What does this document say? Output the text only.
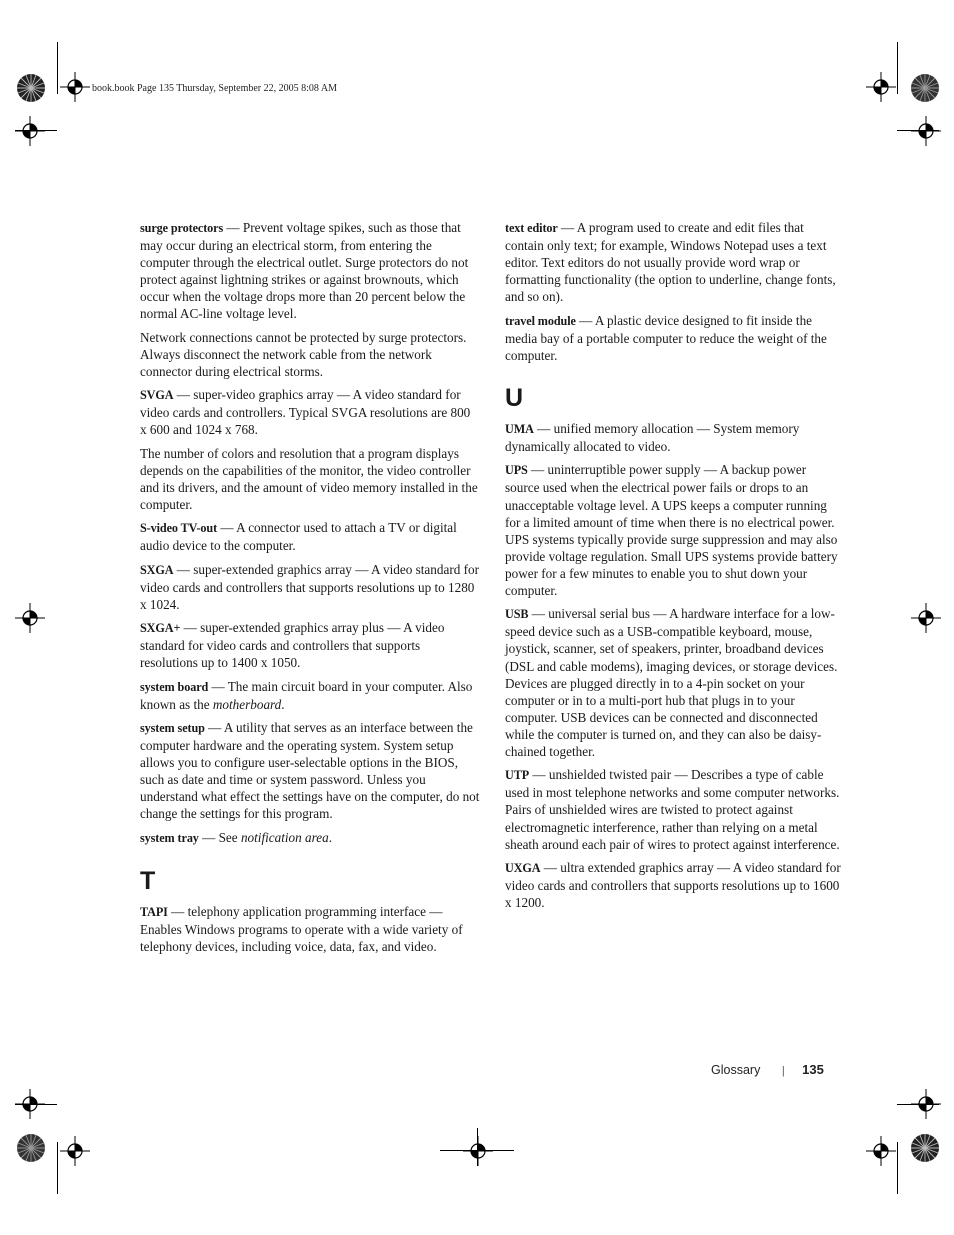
book.book Page 135 Thursday, September 22, 2005 8:08 AM

surge protectors — Prevent voltage spikes, such as those that may occur during an electrical storm, from entering the computer through the electrical outlet. Surge protectors do not protect against lightning strikes or against brownouts, which occur when the voltage drops more than 20 percent below the normal AC-line voltage level.

Network connections cannot be protected by surge protectors. Always disconnect the network cable from the network connector during electrical storms.

SVGA — super-video graphics array — A video standard for video cards and controllers. Typical SVGA resolutions are 800 x 600 and 1024 x 768.

The number of colors and resolution that a program displays depends on the capabilities of the monitor, the video controller and its drivers, and the amount of video memory installed in the computer.

S-video TV-out — A connector used to attach a TV or digital audio device to the computer.

SXGA — super-extended graphics array — A video standard for video cards and controllers that supports resolutions up to 1280 x 1024.

SXGA+ — super-extended graphics array plus — A video standard for video cards and controllers that supports resolutions up to 1400 x 1050.

system board — The main circuit board in your computer. Also known as the motherboard.

system setup — A utility that serves as an interface between the computer hardware and the operating system. System setup allows you to configure user-selectable options in the BIOS, such as date and time or system password. Unless you understand what effect the settings have on the computer, do not change the settings for this program.

system tray — See notification area.

T

TAPI — telephony application programming interface — Enables Windows programs to operate with a wide variety of telephony devices, including voice, data, fax, and video.

text editor — A program used to create and edit files that contain only text; for example, Windows Notepad uses a text editor. Text editors do not usually provide word wrap or formatting functionality (the option to underline, change fonts, and so on).

travel module — A plastic device designed to fit inside the media bay of a portable computer to reduce the weight of the computer.

U

UMA — unified memory allocation — System memory dynamically allocated to video.

UPS — uninterruptible power supply — A backup power source used when the electrical power fails or drops to an unacceptable voltage level. A UPS keeps a computer running for a limited amount of time when there is no electrical power. UPS systems typically provide surge suppression and may also provide voltage regulation. Small UPS systems provide battery power for a few minutes to enable you to shut down your computer.

USB — universal serial bus — A hardware interface for a low-speed device such as a USB-compatible keyboard, mouse, joystick, scanner, set of speakers, printer, broadband devices (DSL and cable modems), imaging devices, or storage devices. Devices are plugged directly in to a 4-pin socket on your computer or in to a multi-port hub that plugs in to your computer. USB devices can be connected and disconnected while the computer is turned on, and they can also be daisy-chained together.

UTP — unshielded twisted pair — Describes a type of cable used in most telephone networks and some computer networks. Pairs of unshielded wires are twisted to protect against electromagnetic interference, rather than relying on a metal sheath around each pair of wires to protect against interference.

UXGA — ultra extended graphics array — A video standard for video cards and controllers that supports resolutions up to 1600 x 1200.

Glossary | 135
